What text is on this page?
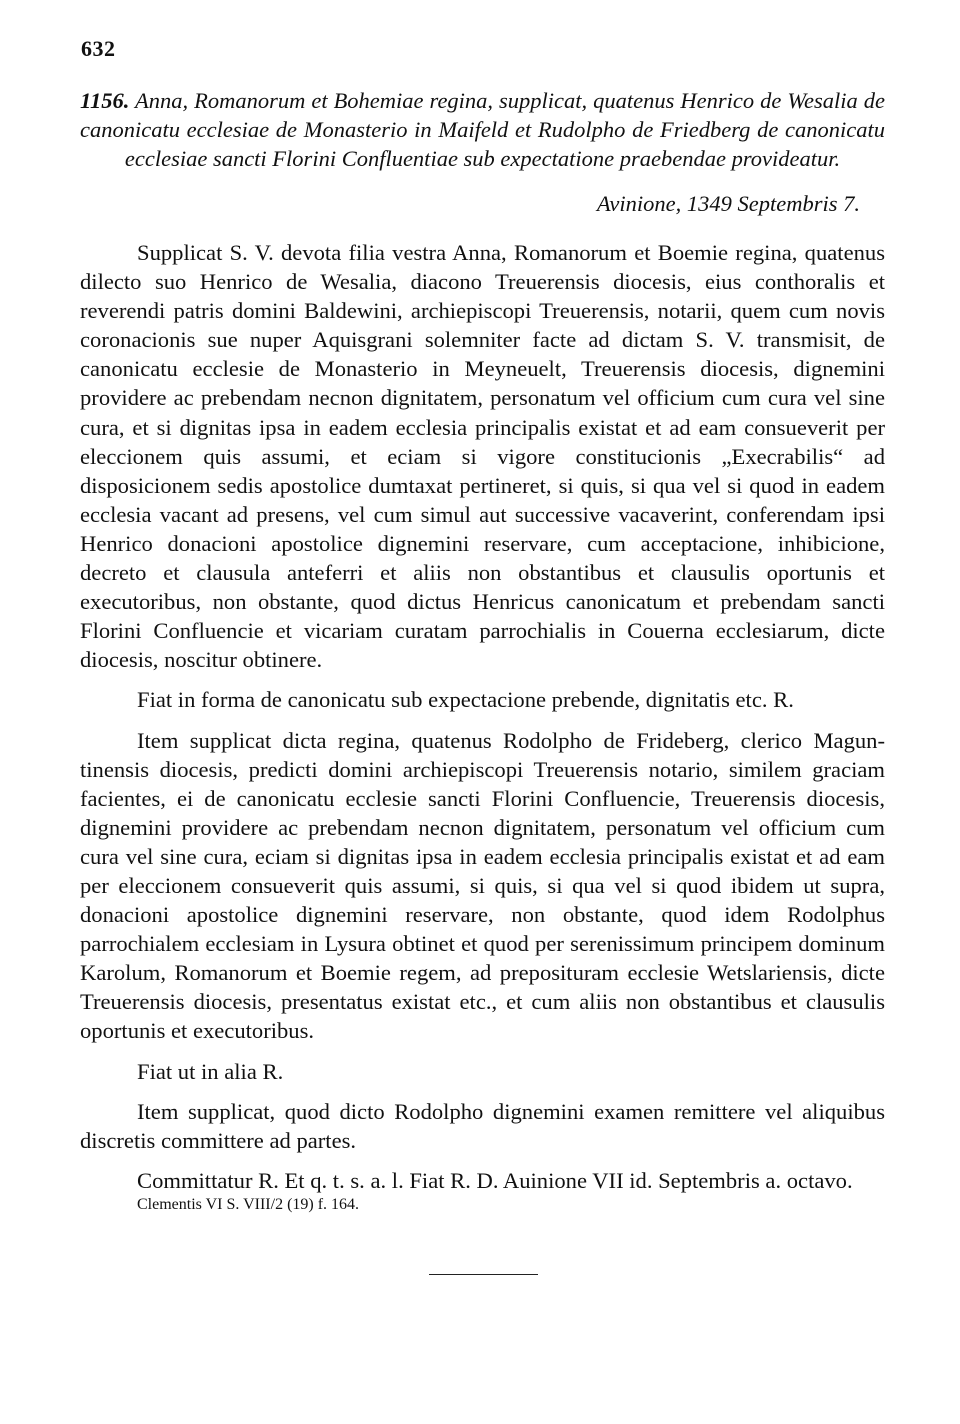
632
1156. Anna, Romanorum et Bohemiae regina, supplicat, quatenus Henrico de Wesalia de canonicatu ecclesiae de Monasterio in Maifeld et Rudolpho de Friedberg de canonicatu ecclesiae sancti Florini Confluentiae sub expectatione praebendae provideatur.
Avinione, 1349 Septembris 7.

Supplicat S. V. devota filia vestra Anna, Romanorum et Boemie regina, quatenus dilecto suo Henrico de Wesalia, diacono Treuerensis diocesis, eius conthoralis et reverendi patris domini Baldewini, archiepiscopi Treuerensis, notarii, quem cum novis coronacionis sue nuper Aquisgrani solemniter facte ad dictam S. V. transmisit, de canonicatu ecclesie de Monasterio in Meyneuelt, Treuerensis diocesis, dignemini providere ac prebendam necnon dignitatem, personatum vel officium cum cura vel sine cura, et si dignitas ipsa in eadem ecclesia principalis existat et ad eam consueverit per eleccionem quis assumi, et eciam si vigore constitucionis „Execrabilis“ ad disposicionem sedis apostolice dumtaxat pertineret, si quis, si qua vel si quod in eadem ecclesia vacant ad presens, vel cum simul aut successive vacaverint, conferendam ipsi Henrico donacioni apostolice dignemini reservare, cum acceptacione, inhibicione, decreto et clausula anteferri et aliis non obstantibus et clausulis oportunis et executoribus, non obstante, quod dictus Henricus canonicatum et prebendam sancti Florini Confluencie et vicariam curatam parrochialis in Couerna ecclesiarum, dicte diocesis, noscitur obtinere.

Fiat in forma de canonicatu sub expectacione prebende, dignitatis etc. R.

Item supplicat dicta regina, quatenus Rodolpho de Frideberg, clerico Maguntinensis diocesis, predicti domini archiepiscopi Treuerensis notario, similem graciam facientes, ei de canonicatu ecclesie sancti Florini Confluencie, Treuerensis diocesis, dignemini providere ac prebendam necnon dignitatem, personatum vel officium cum cura vel sine cura, eciam si dignitas ipsa in eadem ecclesia principalis existat et ad eam per eleccionem consueverit quis assumi, si quis, si qua vel si quod ibidem ut supra, donacioni apostolice dignemini reservare, non obstante, quod idem Rodolphus parrochialem ecclesiam in Lysura obtinet et quod per serenissimum principem dominum Karolum, Romanorum et Boemie regem, ad preposituram ecclesie Wetslariensis, dicte Treuerensis diocesis, presentatus existat etc., et cum aliis non obstantibus et clausulis oportunis et executoribus.

Fiat ut in alia R.

Item supplicat, quod dicto Rodolpho dignemini examen remittere vel aliquibus discretis committere ad partes.

Committatur R. Et q. t. s. a. l. Fiat R. D. Auinione VII id. Septembris a. octavo.

Clementis VI S. VIII/2 (19) f. 164.
